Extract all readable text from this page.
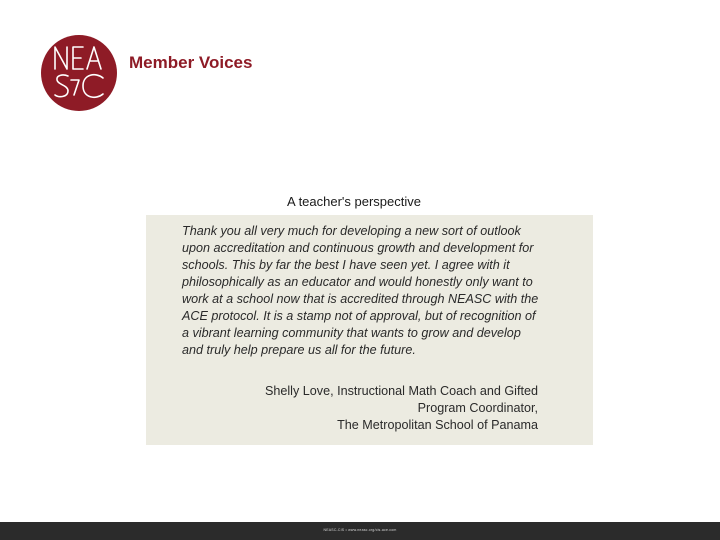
Member Voices
A teacher's perspective

Thank you all very much for developing a new sort of outlook upon accreditation and continuous growth and development for schools. This by far the best I have seen yet. I agree with it philosophically as an educator and would honestly only want to work at a school now that is accredited through NEASC with the ACE protocol. It is a stamp not of approval, but of recognition of a vibrant learning community that wants to grow and develop and truly help prepare us all for the future.

Shelly Love, Instructional Math Coach and Gifted
Program Coordinator,
The Metropolitan School of Panama
NEASC-CIS • www.neasc.org/cis-ace.com
